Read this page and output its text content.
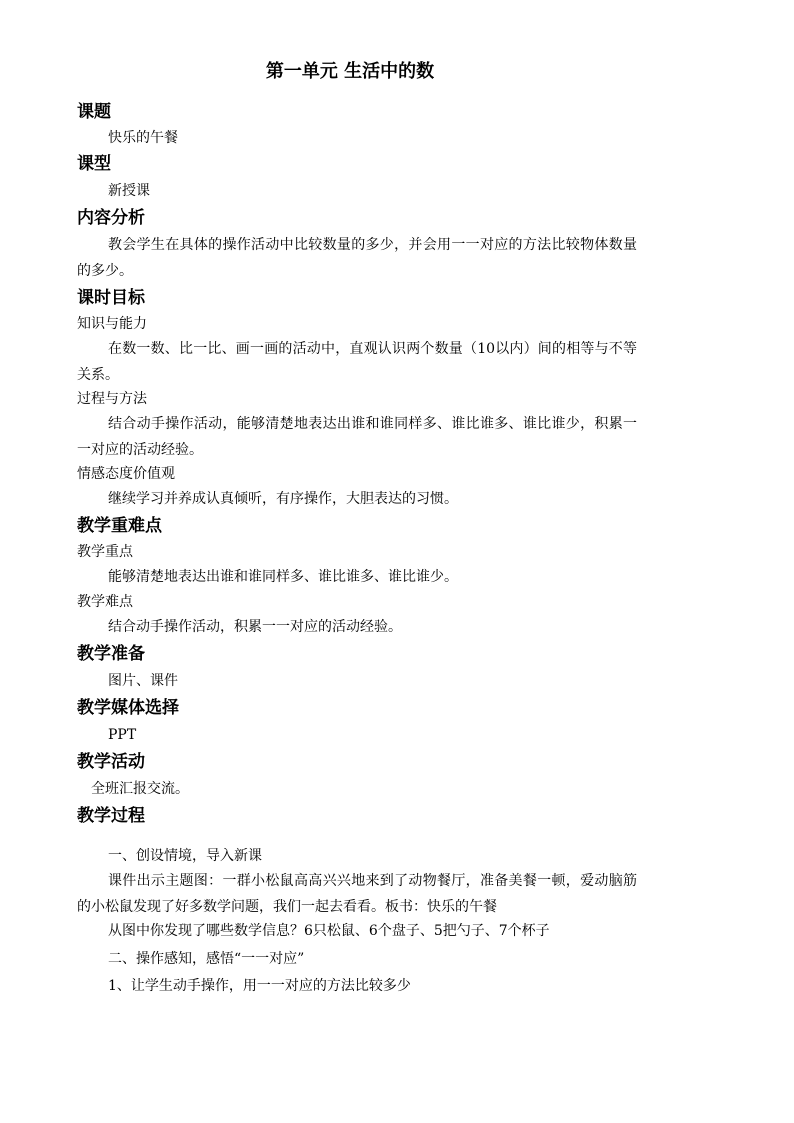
第一单元 生活中的数
课题
快乐的午餐
课型
新授课
内容分析
教会学生在具体的操作活动中比较数量的多少，并会用一一对应的方法比较物体数量的多少。
课时目标
知识与能力
在数一数、比一比、画一画的活动中，直观认识两个数量（10以内）间的相等与不等关系。
过程与方法
结合动手操作活动，能够清楚地表达出谁和谁同样多、谁比谁多、谁比谁少，积累一一对应的活动经验。
情感态度价值观
继续学习并养成认真倾听，有序操作，大胆表达的习惯。
教学重难点
教学重点
能够清楚地表达出谁和谁同样多、谁比谁多、谁比谁少。
教学难点
结合动手操作活动，积累一一对应的活动经验。
教学准备
图片、课件
教学媒体选择
PPT
教学活动
全班汇报交流。
教学过程
一、创设情境，导入新课
课件出示主题图：一群小松鼠高高兴兴地来到了动物餐厅，准备美餐一顿，爱动脑筋的小松鼠发现了好多数学问题，我们一起去看看。板书：快乐的午餐
从图中你发现了哪些数学信息？6只松鼠、6个盘子、5把勺子、7个杯子
二、操作感知，感悟“一一对应”
1、让学生动手操作，用一一对应的方法比较多少
